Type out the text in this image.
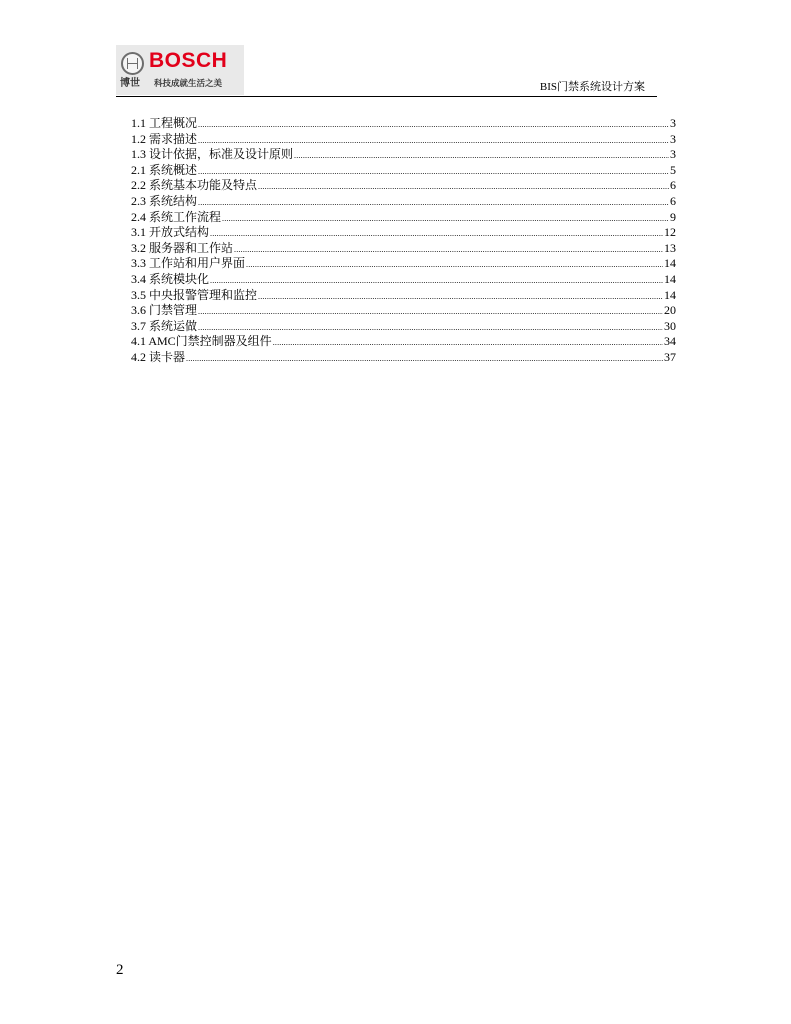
BOSCH
博世 科技成就生活之美	BIS门禁系统设计方案
1.1 工程概况 .....	3
1.2 需求描述 .....	3
1.3 设计依据，标准及设计原则 .....	3
2.1 系统概述 .....	5
2.2 系统基本功能及特点 .....	6
2.3 系统结构 .....	6
2.4 系统工作流程 .....	9
3.1 开放式结构 .....	12
3.2 服务器和工作站 .....	13
3.3 工作站和用户界面 .....	14
3.4 系统模块化 .....	14
3.5 中央报警管理和监控 .....	14
3.6 门禁管理 .....	20
3.7 系统运做 .....	30
4.1 AMC门禁控制器及组件 .....	34
4.2 读卡器 .....	37
2
